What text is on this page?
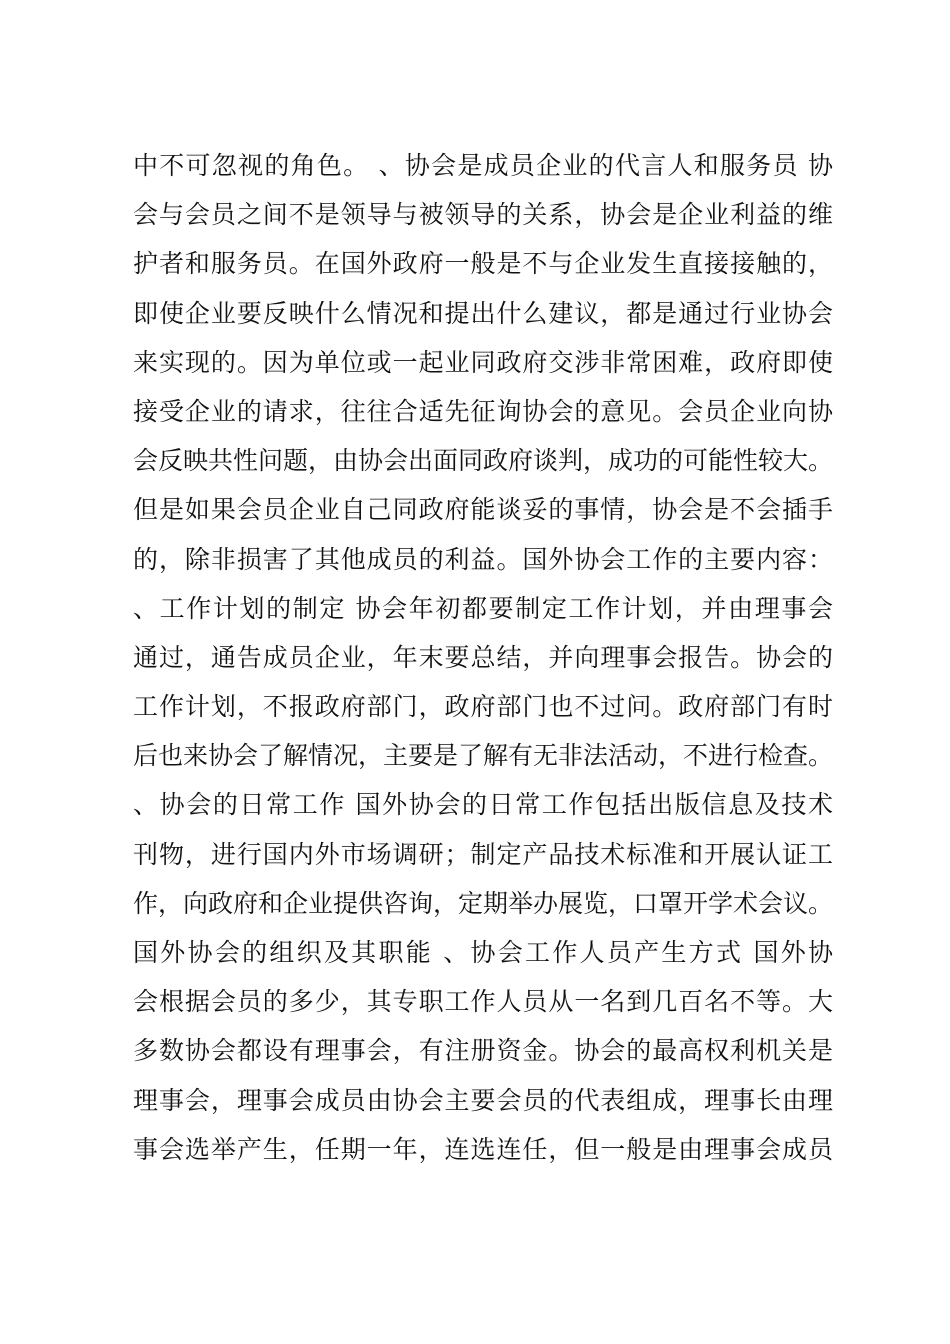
中不可忽视的角色。 、协会是成员企业的代言人和服务员 协
会与会员之间不是领导与被领导的关系，协会是企业利益的维
护者和服务员。在国外政府一般是不与企业发生直接接触的，
即使企业要反映什么情况和提出什么建议，都是通过行业协会
来实现的。因为单位或一起业同政府交涉非常困难，政府即使
接受企业的请求，往往合适先征询协会的意见。会员企业向协
会反映共性问题，由协会出面同政府谈判，成功的可能性较大。
但是如果会员企业自己同政府能谈妥的事情，协会是不会插手
的，除非损害了其他成员的利益。国外协会工作的主要内容：
、工作计划的制定 协会年初都要制定工作计划，并由理事会
通过，通告成员企业，年末要总结，并向理事会报告。协会的
工作计划，不报政府部门，政府部门也不过问。政府部门有时
后也来协会了解情况，主要是了解有无非法活动，不进行检查。
、协会的日常工作 国外协会的日常工作包括出版信息及技术
刊物，进行国内外市场调研；制定产品技术标准和开展认证工
作，向政府和企业提供咨询，定期举办展览，口罩开学术会议。
国外协会的组织及其职能 、协会工作人员产生方式 国外协
会根据会员的多少，其专职工作人员从一名到几百名不等。大
多数协会都设有理事会，有注册资金。协会的最高权利机关是
理事会，理事会成员由协会主要会员的代表组成，理事长由理
事会选举产生，任期一年，连选连任，但一般是由理事会成员
